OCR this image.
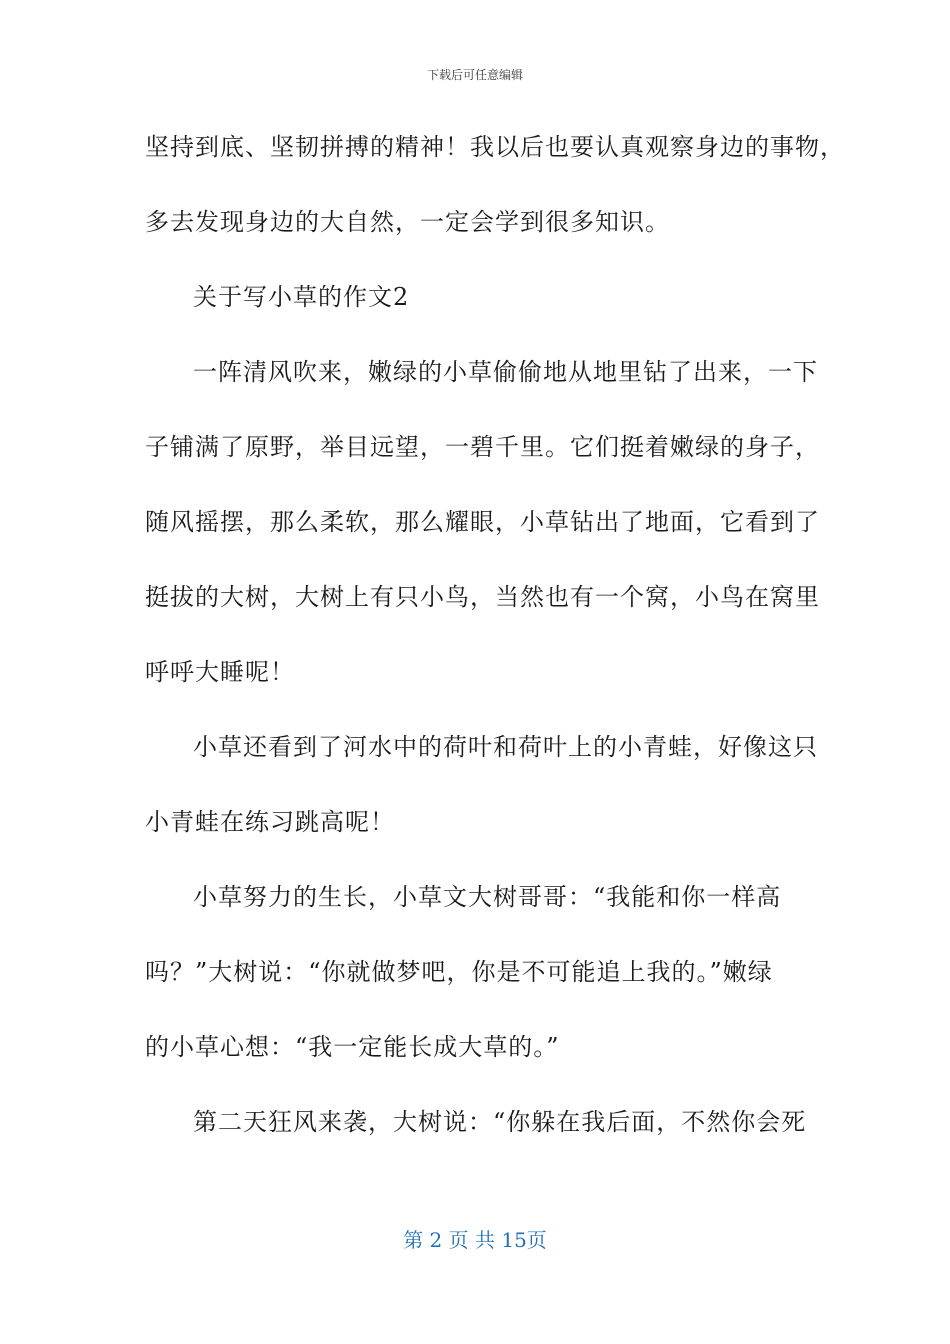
下载后可任意编辑
坚持到底、坚韧拼搏的精神！我以后也要认真观察身边的事物，
多去发现身边的大自然，一定会学到很多知识。
关于写小草的作文2
一阵清风吹来，嫩绿的小草偷偷地从地里钻了出来，一下
子铺满了原野，举目远望，一碧千里。它们挺着嫩绿的身子，
随风摇摆，那么柔软，那么耀眼，小草钻出了地面，它看到了
挺拔的大树，大树上有只小鸟，当然也有一个窝，小鸟在窝里
呼呼大睡呢！
小草还看到了河水中的荷叶和荷叶上的小青蛙，好像这只
小青蛙在练习跳高呢！
小草努力的生长，小草文大树哥哥：“我能和你一样高
吗？”大树说：“你就做梦吧，你是不可能追上我的。”嫩绿
的小草心想：“我一定能长成大草的。”
第二天狂风来袭，大树说：“你躲在我后面，不然你会死
第 2 页 共 15页
